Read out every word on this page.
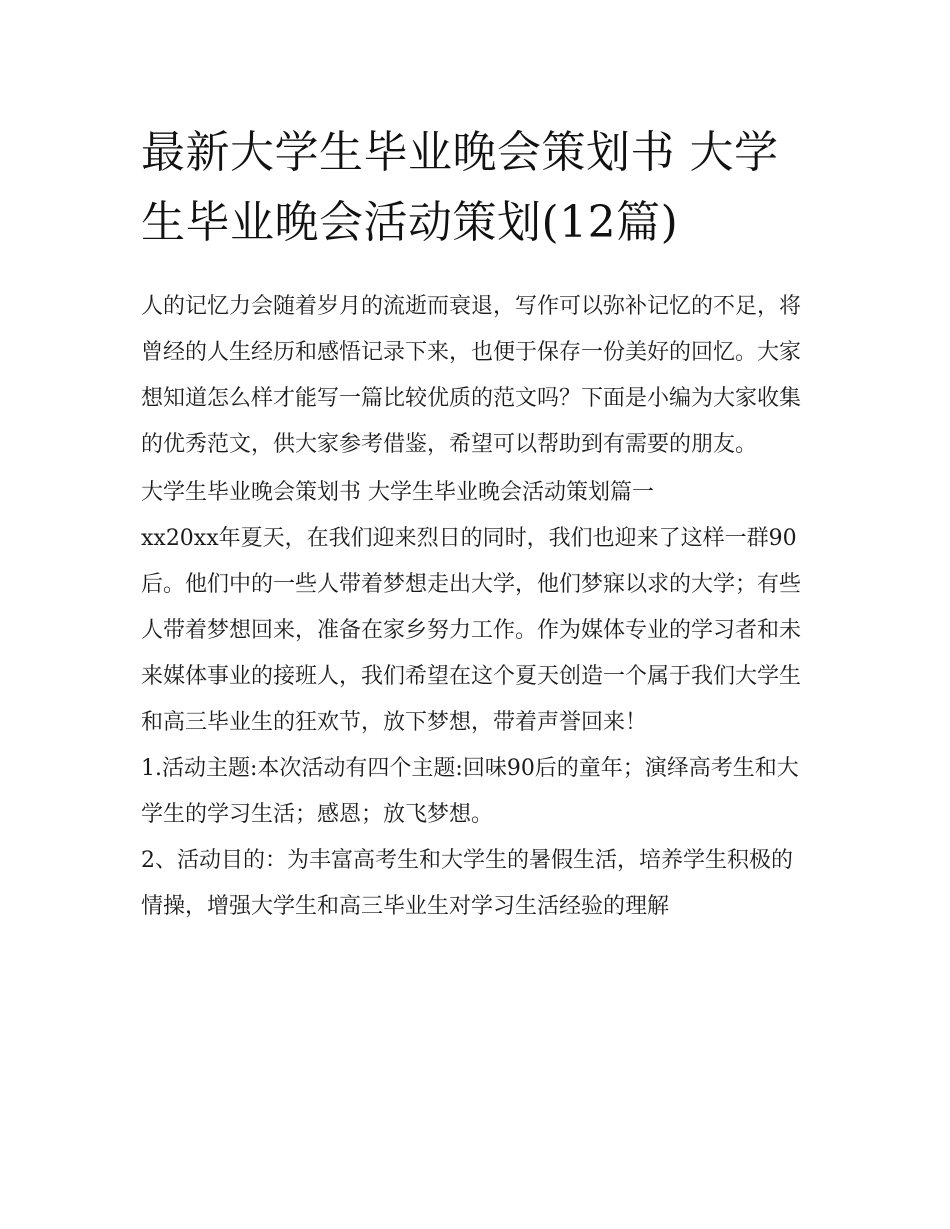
最新大学生毕业晚会策划书 大学生毕业晚会活动策划(12篇)

人的记忆力会随着岁月的流逝而衰退，写作可以弥补记忆的不足，将曾经的人生经历和感悟记录下来，也便于保存一份美好的回忆。大家想知道怎么样才能写一篇比较优质的范文吗？下面是小编为大家收集的优秀范文，供大家参考借鉴，希望可以帮助到有需要的朋友。

大学生毕业晚会策划书 大学生毕业晚会活动策划篇一

xx20xx年夏天，在我们迎来烈日的同时，我们也迎来了这样一群90后。他们中的一些人带着梦想走出大学，他们梦寐以求的大学；有些人带着梦想回来，准备在家乡努力工作。作为媒体专业的学习者和未来媒体事业的接班人，我们希望在这个夏天创造一个属于我们大学生和高三毕业生的狂欢节，放下梦想，带着声誉回来！

1.活动主题:本次活动有四个主题:回味90后的童年；演绎高考生和大学生的学习生活；感恩；放飞梦想。

2、活动目的：为丰富高考生和大学生的暑假生活，培养学生积极的情操，增强大学生和高三毕业生对学习生活经验的理解
